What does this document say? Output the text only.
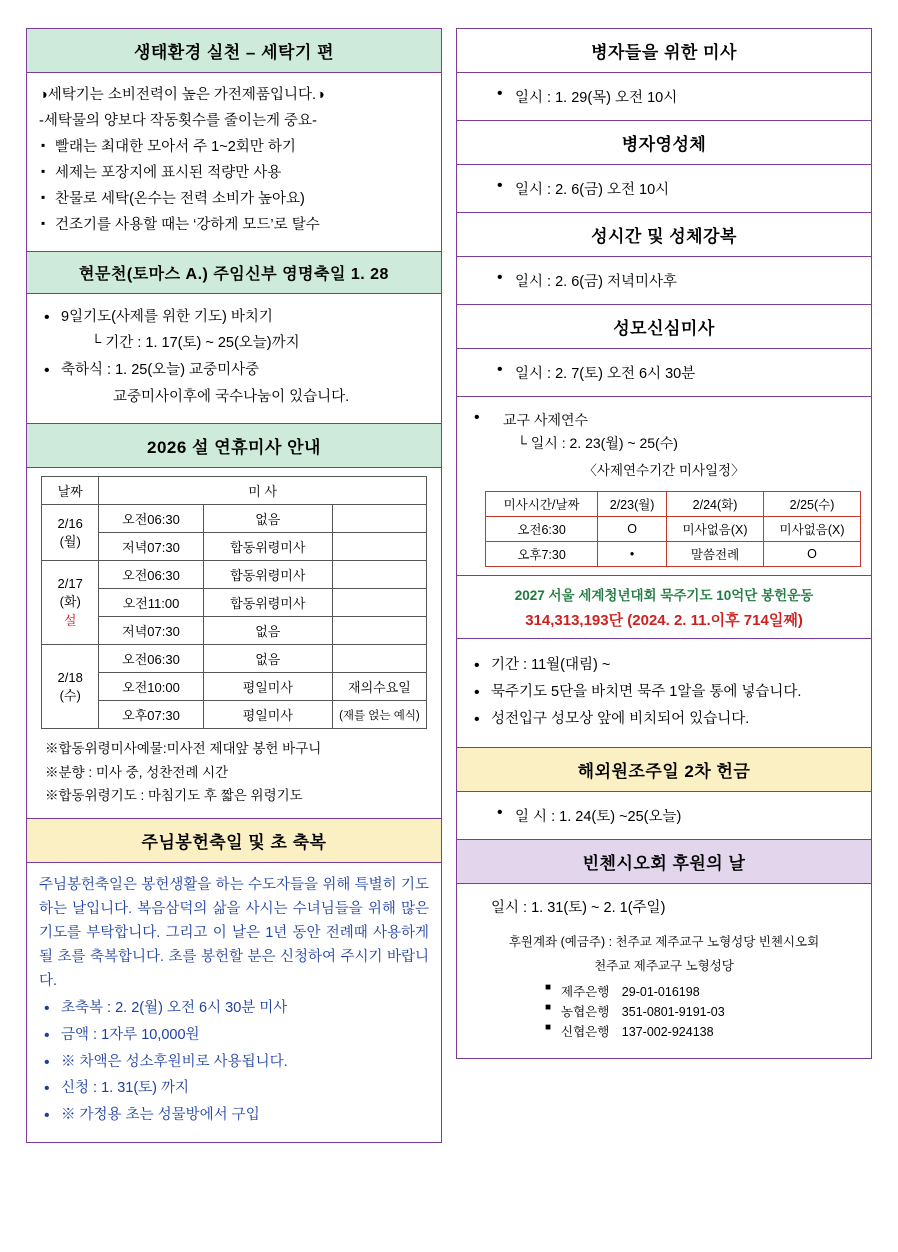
생태환경 실천 – 세탁기 편
◑세탁기는 소비전력이 높은 가전제품입니다.◑
-세탁물의 양보다 작동횟수를 줄이는게 중요-
▪ 빨래는 최대한 모아서 주 1~2회만 하기
▪ 세제는 포장지에 표시된 적량만 사용
▪ 찬물로 세탁(온수는 전력 소비가 높아요)
▪ 건조기를 사용할 때는 ‘강하게 모드’로 탈수
현문천(토마스 A.) 주임신부 영명축일 1. 28
• 9일기도(사제를 위한 기도) 바치기
└ 기간 : 1. 17(토) ~ 25(오늘)까지
• 축하식 : 1. 25(오늘) 교중미사중
교중미사이후에 국수나눔이 있습니다.
2026 설 연휴미사 안내
날짜	미 사		

2/16
(월)	오전06:30	없음	
	저녁07:30	합동위령미사	

2/17
(화)
설	오전06:30	합동위령미사	
	오전11:00	합동위령미사	
	저녁07:30	없음	

2/18
(수)	오전06:30	없음	
	오전10:00	평일미사	재의수요일
	오후07:30	평일미사	(재를 얹는 예식)
※합동위령미사예물:미사전 제대앞 봉헌 바구니
※분향 : 미사 중, 성찬전례 시간
※합동위령기도 : 마침기도 후 짧은 위령기도
주님봉헌축일 및 초 축복
주님봉헌축일은 봉헌생활을 하는 수도자들을 위해 특별히 기도하는 날입니다. 복음삼덕의 삶을 사시는 수녀님들을 위해 많은 기도를 부탁합니다. 그리고 이 날은 1년 동안 전례때 사용하게 될 초를 축복합니다. 초를 봉헌할 분은 신청하여 주시기 바랍니다.
• 초축복 : 2. 2(월) 오전 6시 30분 미사
• 금액 : 1자루 10,000원
• ※ 차액은 성소후원비로 사용됩니다.
• 신청 : 1. 31(토) 까지
• ※ 가정용 초는 성물방에서 구입
병자들을 위한 미사
• 일시 : 1. 29(목) 오전 10시
병자영성체
• 일시 : 2. 6(금) 오전 10시
성시간 및 성체강복
• 일시 : 2. 6(금) 저녁미사후
성모신심미사
• 일시 : 2. 7(토) 오전 6시 30분
• 교구 사제연수
└ 일시 : 2. 23(월) ~ 25(수)
〈사제연수기간 미사일정〉
미사시간/날짜	2/23(월)	2/24(화)	2/25(수)
오전6:30	O	미사없음(X)	미사없음(X)
오후7:30	•	말씀전례	O
2027 서울 세계청년대회 묵주기도 10억단 봉헌운동
314,313,193단 (2024. 2. 11.이후 714일째)
• 기간 : 11월(대림) ~
• 묵주기도 5단을 바치면 묵주 1알을 통에 넣습니다.
• 성전입구 성모상 앞에 비치되어 있습니다.
해외원조주일 2차 헌금
• 일 시 : 1. 24(토) ~25(오늘)
빈첸시오회 후원의 날
일시 : 1. 31(토) ~ 2. 1(주일)
후원계좌 (예금주) : 천주교 제주교구 노형성당 빈첸시오회
천주교 제주교구 노형성당
■ 제주은행　29-01-016198
■ 농협은행　351-0801-9191-03
■ 신협은행　137-002-924138
